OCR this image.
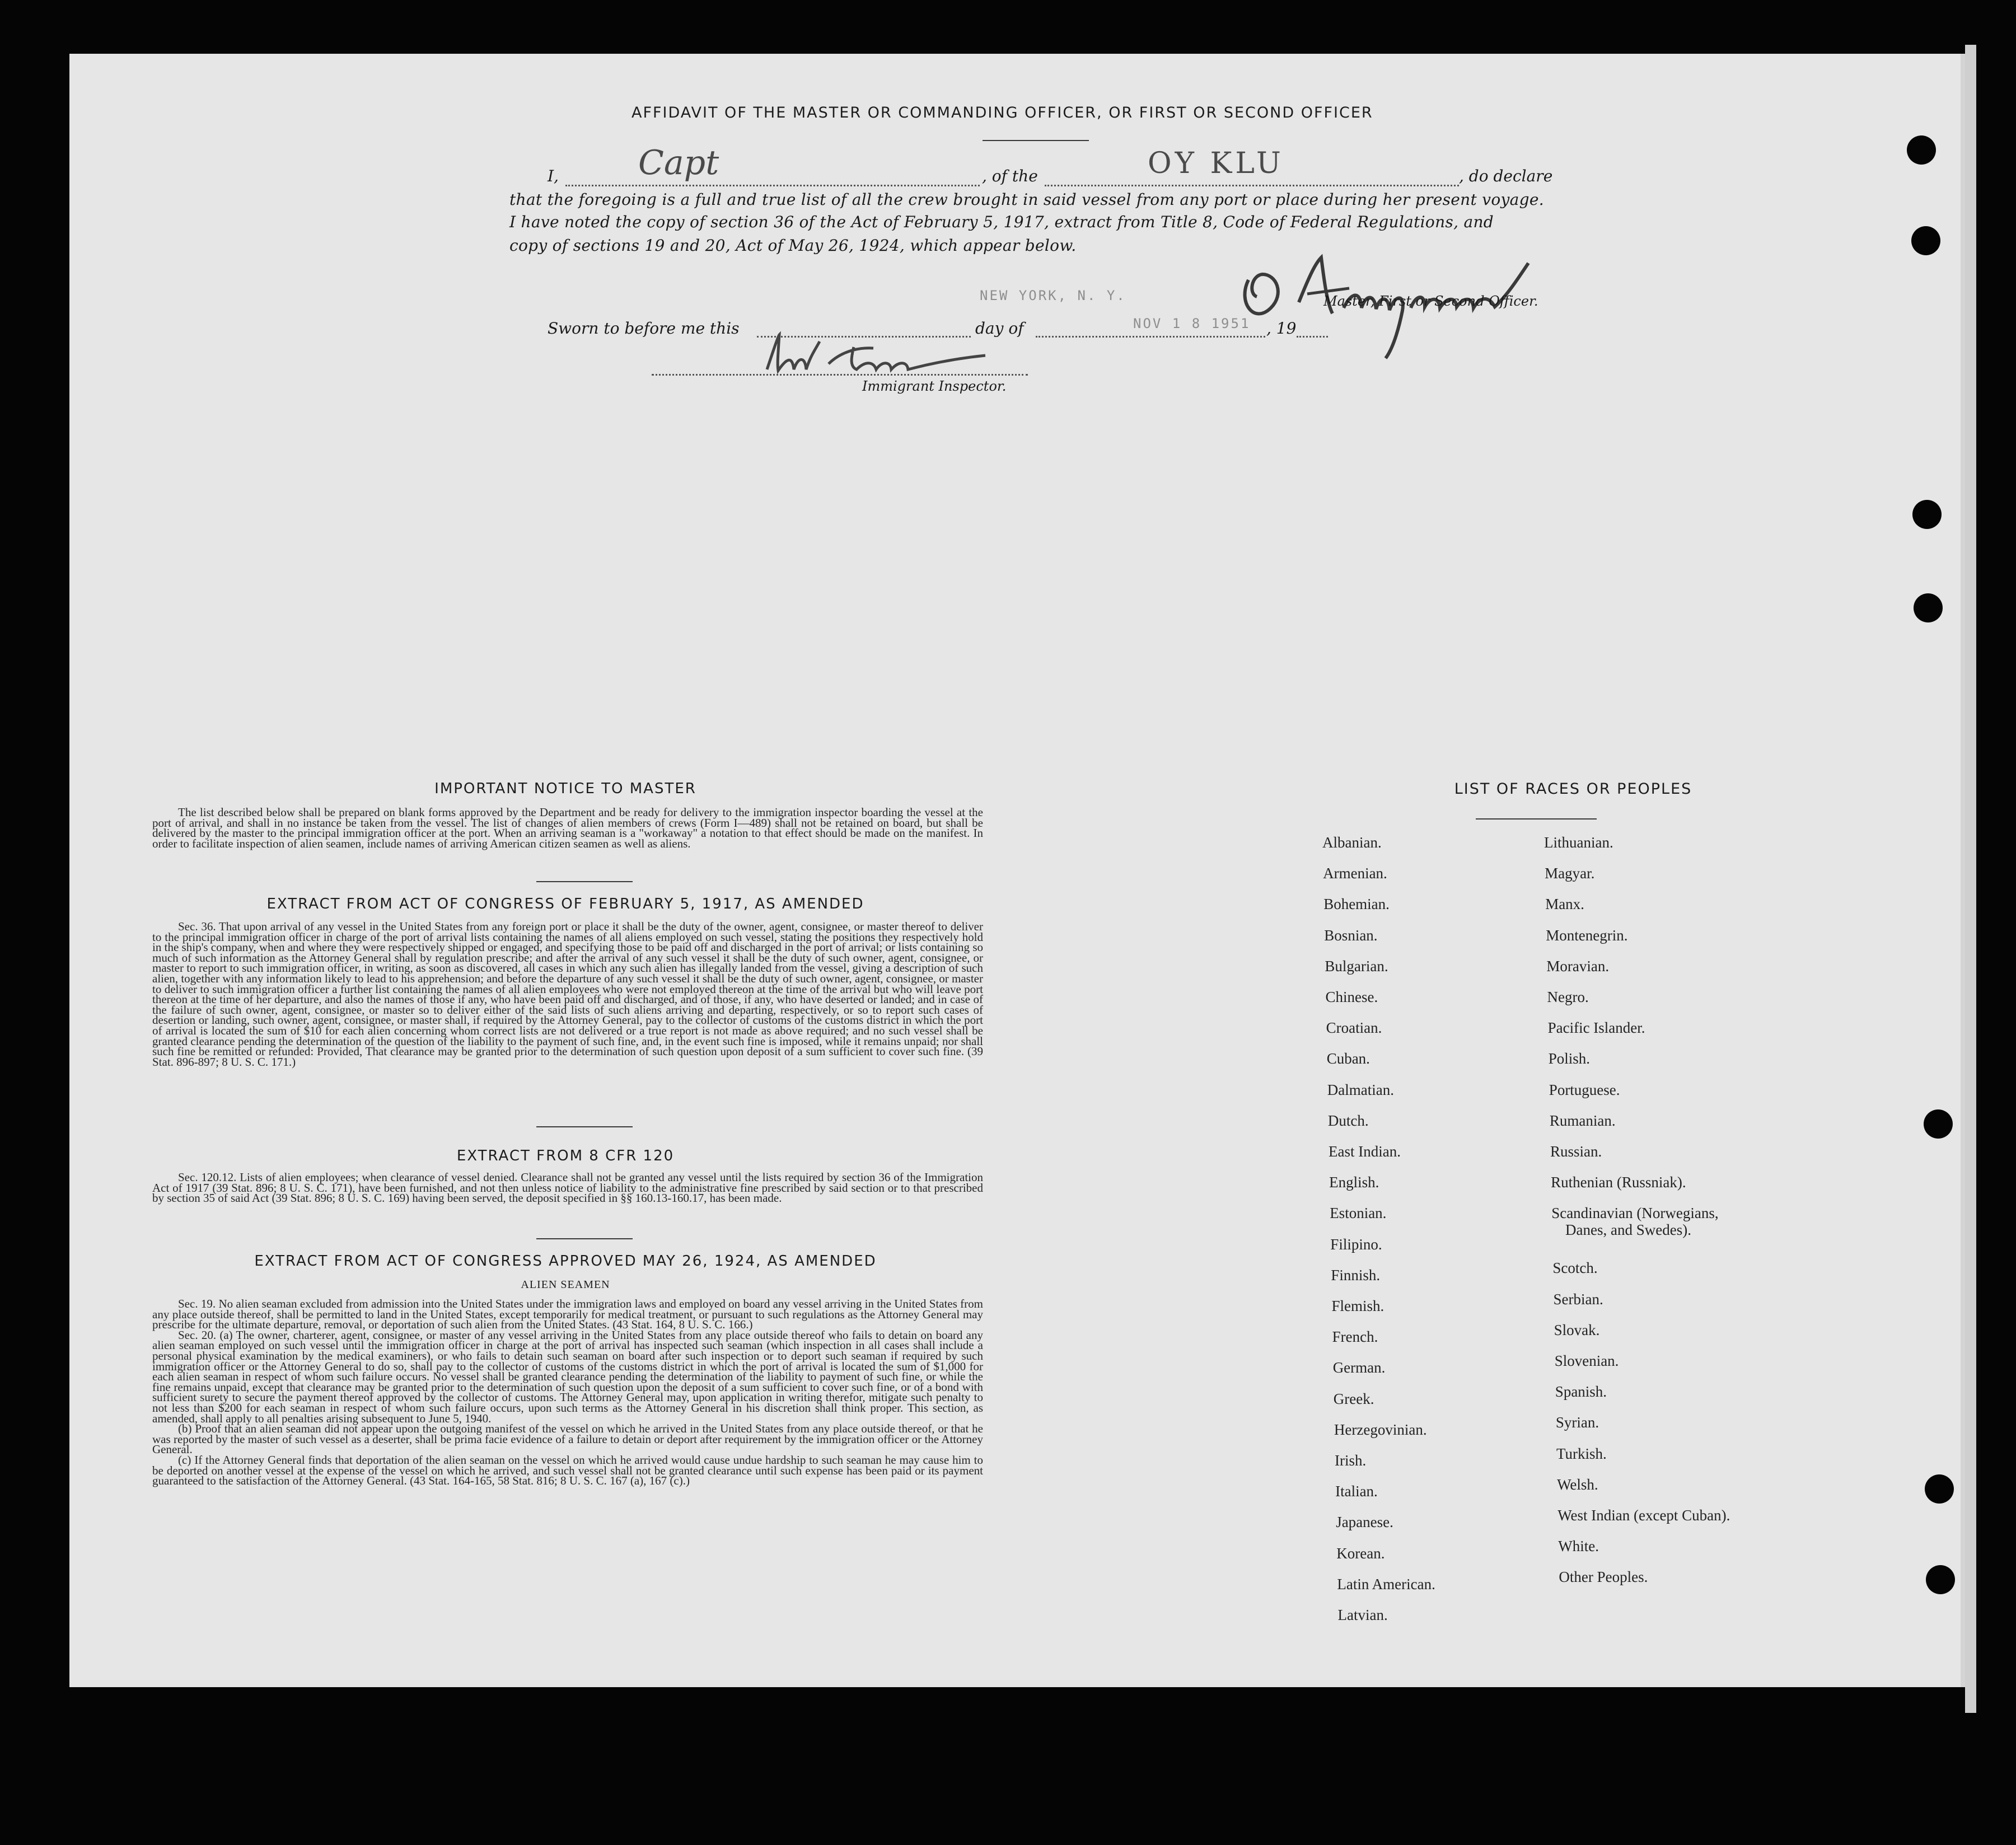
AFFIDAVIT OF THE MASTER OR COMMANDING OFFICER, OR FIRST OR SECOND OFFICER
I, Capt	, of the	OY KLU	, do declare
that the foregoing is a full and true list of all the crew brought in said vessel from any port or place during her present voyage.
I have noted the copy of section 36 of the Act of February 5, 1917, extract from Title 8, Code of Federal Regulations, and
copy of sections 19 and 20, Act of May 26, 1924, which appear below.
Master, First or Second Officer.
Sworn to before me this	day of	, 19
NEW YORK, N. Y.
NOV 1 8 1951
Immigrant Inspector.
IMPORTANT NOTICE TO MASTER

The list described below shall be prepared on blank forms approved by the Department and be ready for delivery to the immigration inspector boarding the vessel at the port of arrival, and shall in no instance be taken from the vessel. The list of changes of alien members of crews (Form I—489) shall not be retained on board, but shall be delivered by the master to the principal immigration officer at the port. When an arriving seaman is a "workaway" a notation to that effect should be made on the manifest. In order to facilitate inspection of alien seamen, include names of arriving American citizen seamen as well as aliens.

EXTRACT FROM ACT OF CONGRESS OF FEBRUARY 5, 1917, AS AMENDED

Sec. 36. That upon arrival of any vessel in the United States from any foreign port or place it shall be the duty of the owner, agent, consignee, or master thereof to deliver to the principal immigration officer in charge of the port of arrival lists containing the names of all aliens employed on such vessel, stating the positions they respectively hold in the ship's company, when and where they were respectively shipped or engaged, and specifying those to be paid off and discharged in the port of arrival; or lists containing so much of such information as the Attorney General shall by regulation prescribe; and after the arrival of any such vessel it shall be the duty of such owner, agent, consignee, or master to report to such immigration officer, in writing, as soon as discovered, all cases in which any such alien has illegally landed from the vessel, giving a description of such alien, together with any information likely to lead to his apprehension; and before the departure of any such vessel it shall be the duty of such owner, agent, consignee, or master to deliver to such immigration officer a further list containing the names of all alien employees who were not employed thereon at the time of the arrival but who will leave port thereon at the time of her departure, and also the names of those if any, who have been paid off and discharged, and of those, if any, who have deserted or landed; and in case of the failure of such owner, agent, consignee, or master so to deliver either of the said lists of such aliens arriving and departing, respectively, or so to report such cases of desertion or landing, such owner, agent, consignee, or master shall, if required by the Attorney General, pay to the collector of customs of the customs district in which the port of arrival is located the sum of $10 for each alien concerning whom correct lists are not delivered or a true report is not made as above required; and no such vessel shall be granted clearance pending the determination of the question of the liability to the payment of such fine, and, in the event such fine is imposed, while it remains unpaid; nor shall such fine be remitted or refunded: Provided, That clearance may be granted prior to the determination of such question upon deposit of a sum sufficient to cover such fine. (39 Stat. 896-897; 8 U. S. C. 171.)

EXTRACT FROM 8 CFR 120

Sec. 120.12. Lists of alien employees; when clearance of vessel denied. Clearance shall not be granted any vessel until the lists required by section 36 of the Immigration Act of 1917 (39 Stat. 896; 8 U. S. C. 171), have been furnished, and not then unless notice of liability to the administrative fine prescribed by said section or to that prescribed by section 35 of said Act (39 Stat. 896; 8 U. S. C. 169) having been served, the deposit specified in §§ 160.13-160.17, has been made.

EXTRACT FROM ACT OF CONGRESS APPROVED MAY 26, 1924, AS AMENDED
ALIEN SEAMEN

Sec. 19. No alien seaman excluded from admission into the United States under the immigration laws and employed on board any vessel arriving in the United States from any place outside thereof, shall be permitted to land in the United States, except temporarily for medical treatment, or pursuant to such regulations as the Attorney General may prescribe for the ultimate departure, removal, or deportation of such alien from the United States. (43 Stat. 164, 8 U. S. C. 166.)

Sec. 20. (a) The owner, charterer, agent, consignee, or master of any vessel arriving in the United States from any place outside thereof who fails to detain on board any alien seaman employed on such vessel until the immigration officer in charge at the port of arrival has inspected such seaman (which inspection in all cases shall include a personal physical examination by the medical examiners), or who fails to detain such seaman on board after such inspection or to deport such seaman if required by such immigration officer or the Attorney General to do so, shall pay to the collector of customs of the customs district in which the port of arrival is located the sum of $1,000 for each alien seaman in respect of whom such failure occurs. No vessel shall be granted clearance pending the determination of the liability to payment of such fine, or while the fine remains unpaid, except that clearance may be granted prior to the determination of such question upon the deposit of a sum sufficient to cover such fine, or of a bond with sufficient surety to secure the payment thereof approved by the collector of customs. The Attorney General may, upon application in writing therefor, mitigate such penalty to not less than $200 for each seaman in respect of whom such failure occurs, upon such terms as the Attorney General in his discretion shall think proper. This section, as amended, shall apply to all penalties arising subsequent to June 5, 1940.

(b) Proof that an alien seaman did not appear upon the outgoing manifest of the vessel on which he arrived in the United States from any place outside thereof, or that he was reported by the master of such vessel as a deserter, shall be prima facie evidence of a failure to detain or deport after requirement by the immigration officer or the Attorney General.

(c) If the Attorney General finds that deportation of the alien seaman on the vessel on which he arrived would cause undue hardship to such seaman he may cause him to be deported on another vessel at the expense of the vessel on which he arrived, and such vessel shall not be granted clearance until such expense has been paid or its payment guaranteed to the satisfaction of the Attorney General. (43 Stat. 164-165, 58 Stat. 816; 8 U. S. C. 167 (a), 167 (c).)

LIST OF RACES OR PEOPLES
Albanian.
Armenian.
Bohemian.
Bosnian.
Bulgarian.
Chinese.
Croatian.
Cuban.
Dalmatian.
Dutch.
East Indian.
English.
Estonian.
Filipino.
Finnish.
Flemish.
French.
German.
Greek.
Herzegovinian.
Irish.
Italian.
Japanese.
Korean.
Latin American.
Latvian.
Lithuanian.
Magyar.
Manx.
Montenegrin.
Moravian.
Negro.
Pacific Islander.
Polish.
Portuguese.
Rumanian.
Russian.
Ruthenian (Russniak).
Scandinavian (Norwegians,
Danes, and Swedes).
Scotch.
Serbian.
Slovak.
Slovenian.
Spanish.
Syrian.
Turkish.
Welsh.
West Indian (except Cuban).
White.
Other Peoples.
